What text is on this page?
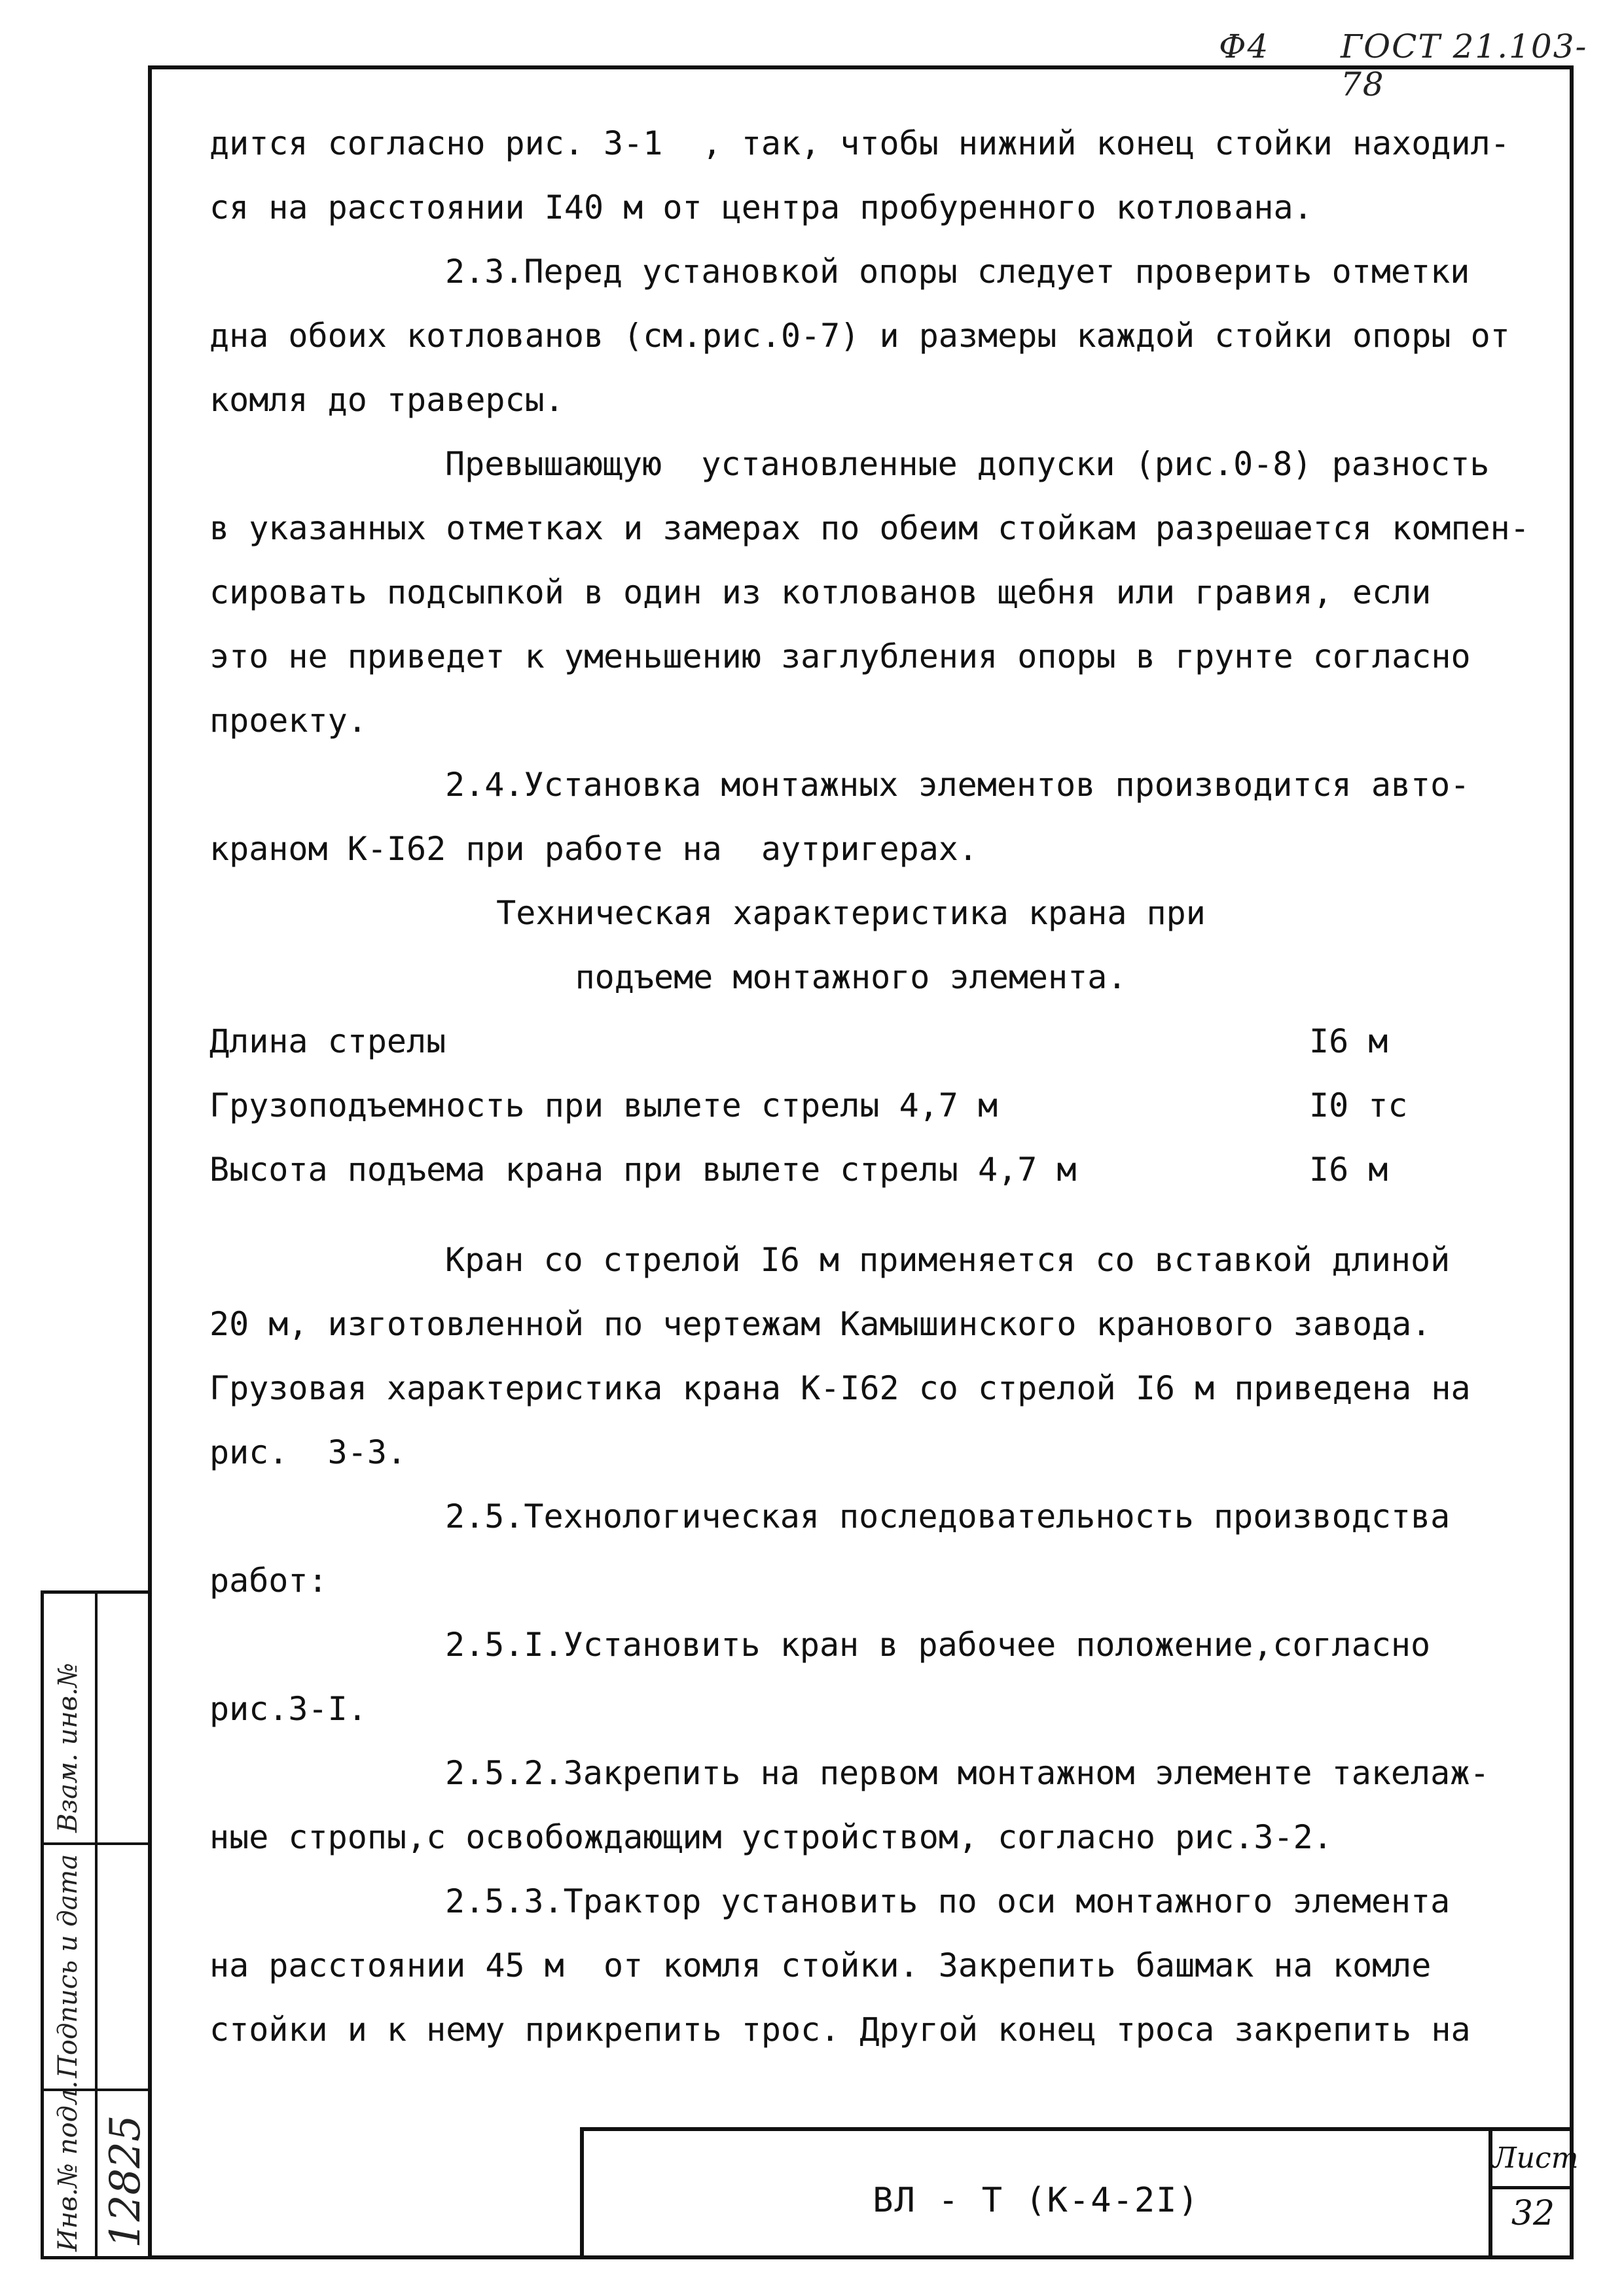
Ф4 ГОСТ 21.103-78
дится согласно рис. 3-1  , так, чтобы нижний конец стойки находил-
ся на расстоянии I40 м от центра пробуренного котлована.
2.3.Перед установкой опоры следует проверить отметки
дна обоих котлованов (см.рис.0-7) и размеры каждой стойки опоры от
комля до траверсы.
Превышающую  установленные допуски (рис.0-8) разность
в указанных отметках и замерах по обеим стойкам разрешается компен-
сировать подсыпкой в один из котлованов щебня или гравия, если
это не приведет к уменьшению заглубления опоры в грунте согласно
проекту.
2.4.Установка монтажных элементов производится авто-
краном К-I62 при работе на  аутригерах.
Техническая характеристика крана при
подъеме монтажного элемента.
Длина стрелы	I6 м
Грузоподъемность при вылете стрелы 4,7 м	I0 тс
Высота подъема крана при вылете стрелы 4,7 м	I6 м
Кран со стрелой I6 м применяется со вставкой длиной
20 м, изготовленной по чертежам Камышинского кранового завода.
Грузовая характеристика крана К-I62 со стрелой I6 м приведена на
рис.  3-3.
2.5.Технологическая последовательность производства
работ:
2.5.I.Установить кран в рабочее положение,согласно
рис.3-I.
2.5.2.Закрепить на первом монтажном элементе такелаж-
ные стропы,с освобождающим устройством, согласно рис.3-2.
2.5.3.Трактор установить по оси монтажного элемента
на расстоянии 45 м  от комля стойки. Закрепить башмак на комле
стойки и к нему прикрепить трос. Другой конец троса закрепить на
Инв.№ подл.
Подпись и дата
Взам. инв.№
12825	ВЛ - Т (К-4-2I)
Лист
32
